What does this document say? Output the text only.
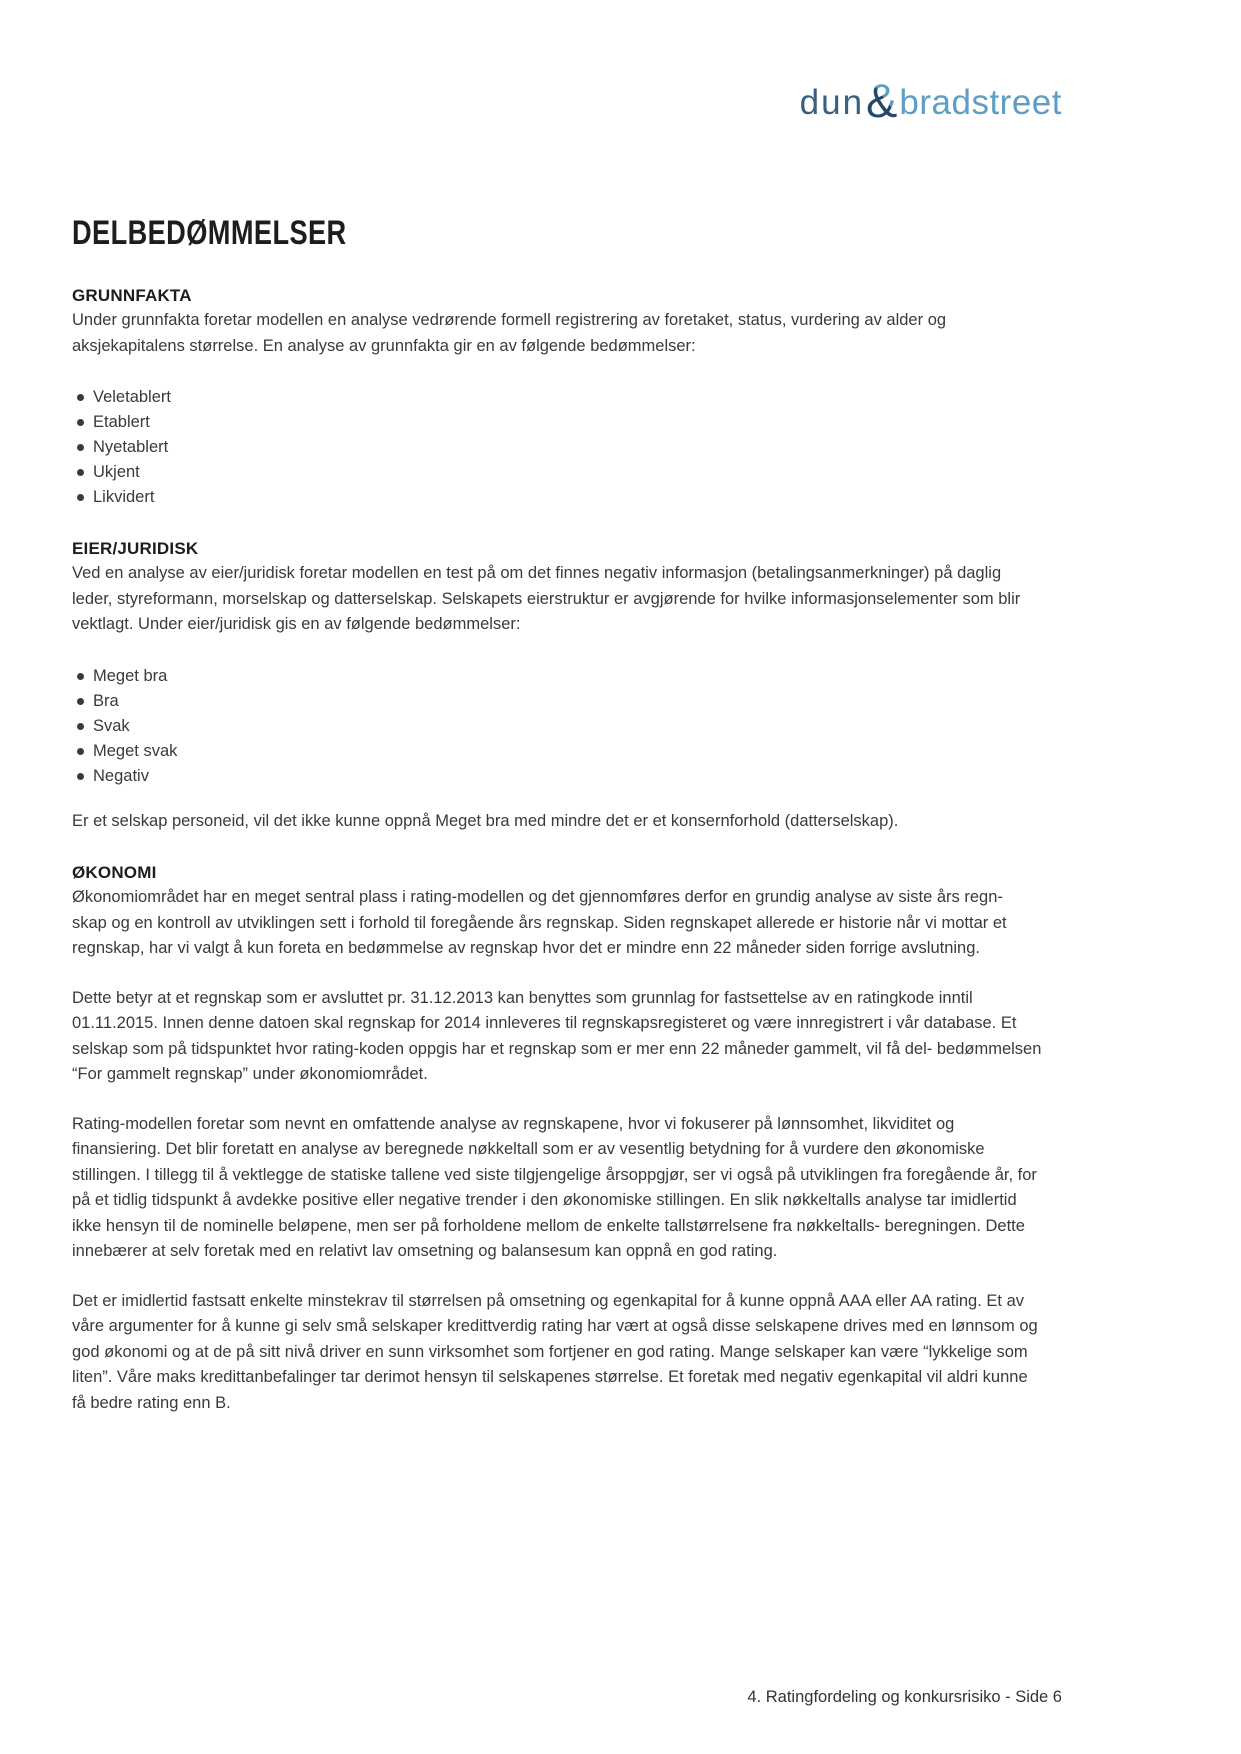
dun & bradstreet
DELBEDØMMELSER
GRUNNFAKTA

Under grunnfakta foretar modellen en analyse vedrørende formell registrering av foretaket, status, vurdering av alder og aksjekapitalens størrelse. En analyse av grunnfakta gir en av følgende bedømmelser:

Veletablert
Etablert
Nyetablert
Ukjent
Likvidert
EIER/JURIDISK

Ved en analyse av eier/juridisk foretar modellen en test på om det finnes negativ informasjon (betalingsanmerkninger) på daglig leder, styreformann, morselskap og datterselskap. Selskapets eierstruktur er avgjørende for hvilke informasjonselementer som blir vektlagt. Under eier/juridisk gis en av følgende bedømmelser:

Meget bra
Bra
Svak
Meget svak
Negativ

Er et selskap personeid, vil det ikke kunne oppnå Meget bra med mindre det er et konsernforhold (datterselskap).

ØKONOMI

Økonomiområdet har en meget sentral plass i rating-modellen og det gjennomføres derfor en grundig analyse av siste års regn- skap og en kontroll av utviklingen sett i forhold til foregående års regnskap. Siden regnskapet allerede er historie når vi mottar et regnskap, har vi valgt å kun foreta en bedømmelse av regnskap hvor det er mindre enn 22 måneder siden forrige avslutning.

Dette betyr at et regnskap som er avsluttet pr. 31.12.2013 kan benyttes som grunnlag for fastsettelse av en ratingkode inntil 01.11.2015. Innen denne datoen skal regnskap for 2014 innleveres til regnskapsregisteret og være innregistrert i vår database. Et selskap som på tidspunktet hvor rating-koden oppgis har et regnskap som er mer enn 22 måneder gammelt, vil få del- bedømmelsen “For gammelt regnskap” under økonomiområdet.

Rating-modellen foretar som nevnt en omfattende analyse av regnskapene, hvor vi fokuserer på lønnsomhet, likviditet og finansiering. Det blir foretatt en analyse av beregnede nøkkeltall som er av vesentlig betydning for å vurdere den økonomiske stillingen. I tillegg til å vektlegge de statiske tallene ved siste tilgjengelige årsoppgjør, ser vi også på utviklingen fra foregående år, for på et tidlig tidspunkt å avdekke positive eller negative trender i den økonomiske stillingen. En slik nøkkeltalls analyse tar imidlertid ikke hensyn til de nominelle beløpene, men ser på forholdene mellom de enkelte tallstørrelsene fra nøkkeltalls- beregningen. Dette innebærer at selv foretak med en relativt lav omsetning og balansesum kan oppnå en god rating.

Det er imidlertid fastsatt enkelte minstekrav til størrelsen på omsetning og egenkapital for å kunne oppnå AAA eller AA rating. Et av våre argumenter for å kunne gi selv små selskaper kredittverdig rating har vært at også disse selskapene drives med en lønnsom og god økonomi og at de på sitt nivå driver en sunn virksomhet som fortjener en god rating. Mange selskaper kan være “lykkelige som liten”. Våre maks kredittanbefalinger tar derimot hensyn til selskapenes størrelse. Et foretak med negativ egenkapital vil aldri kunne få bedre rating enn B.

4. Ratingfordeling og konkursrisiko - Side 6
